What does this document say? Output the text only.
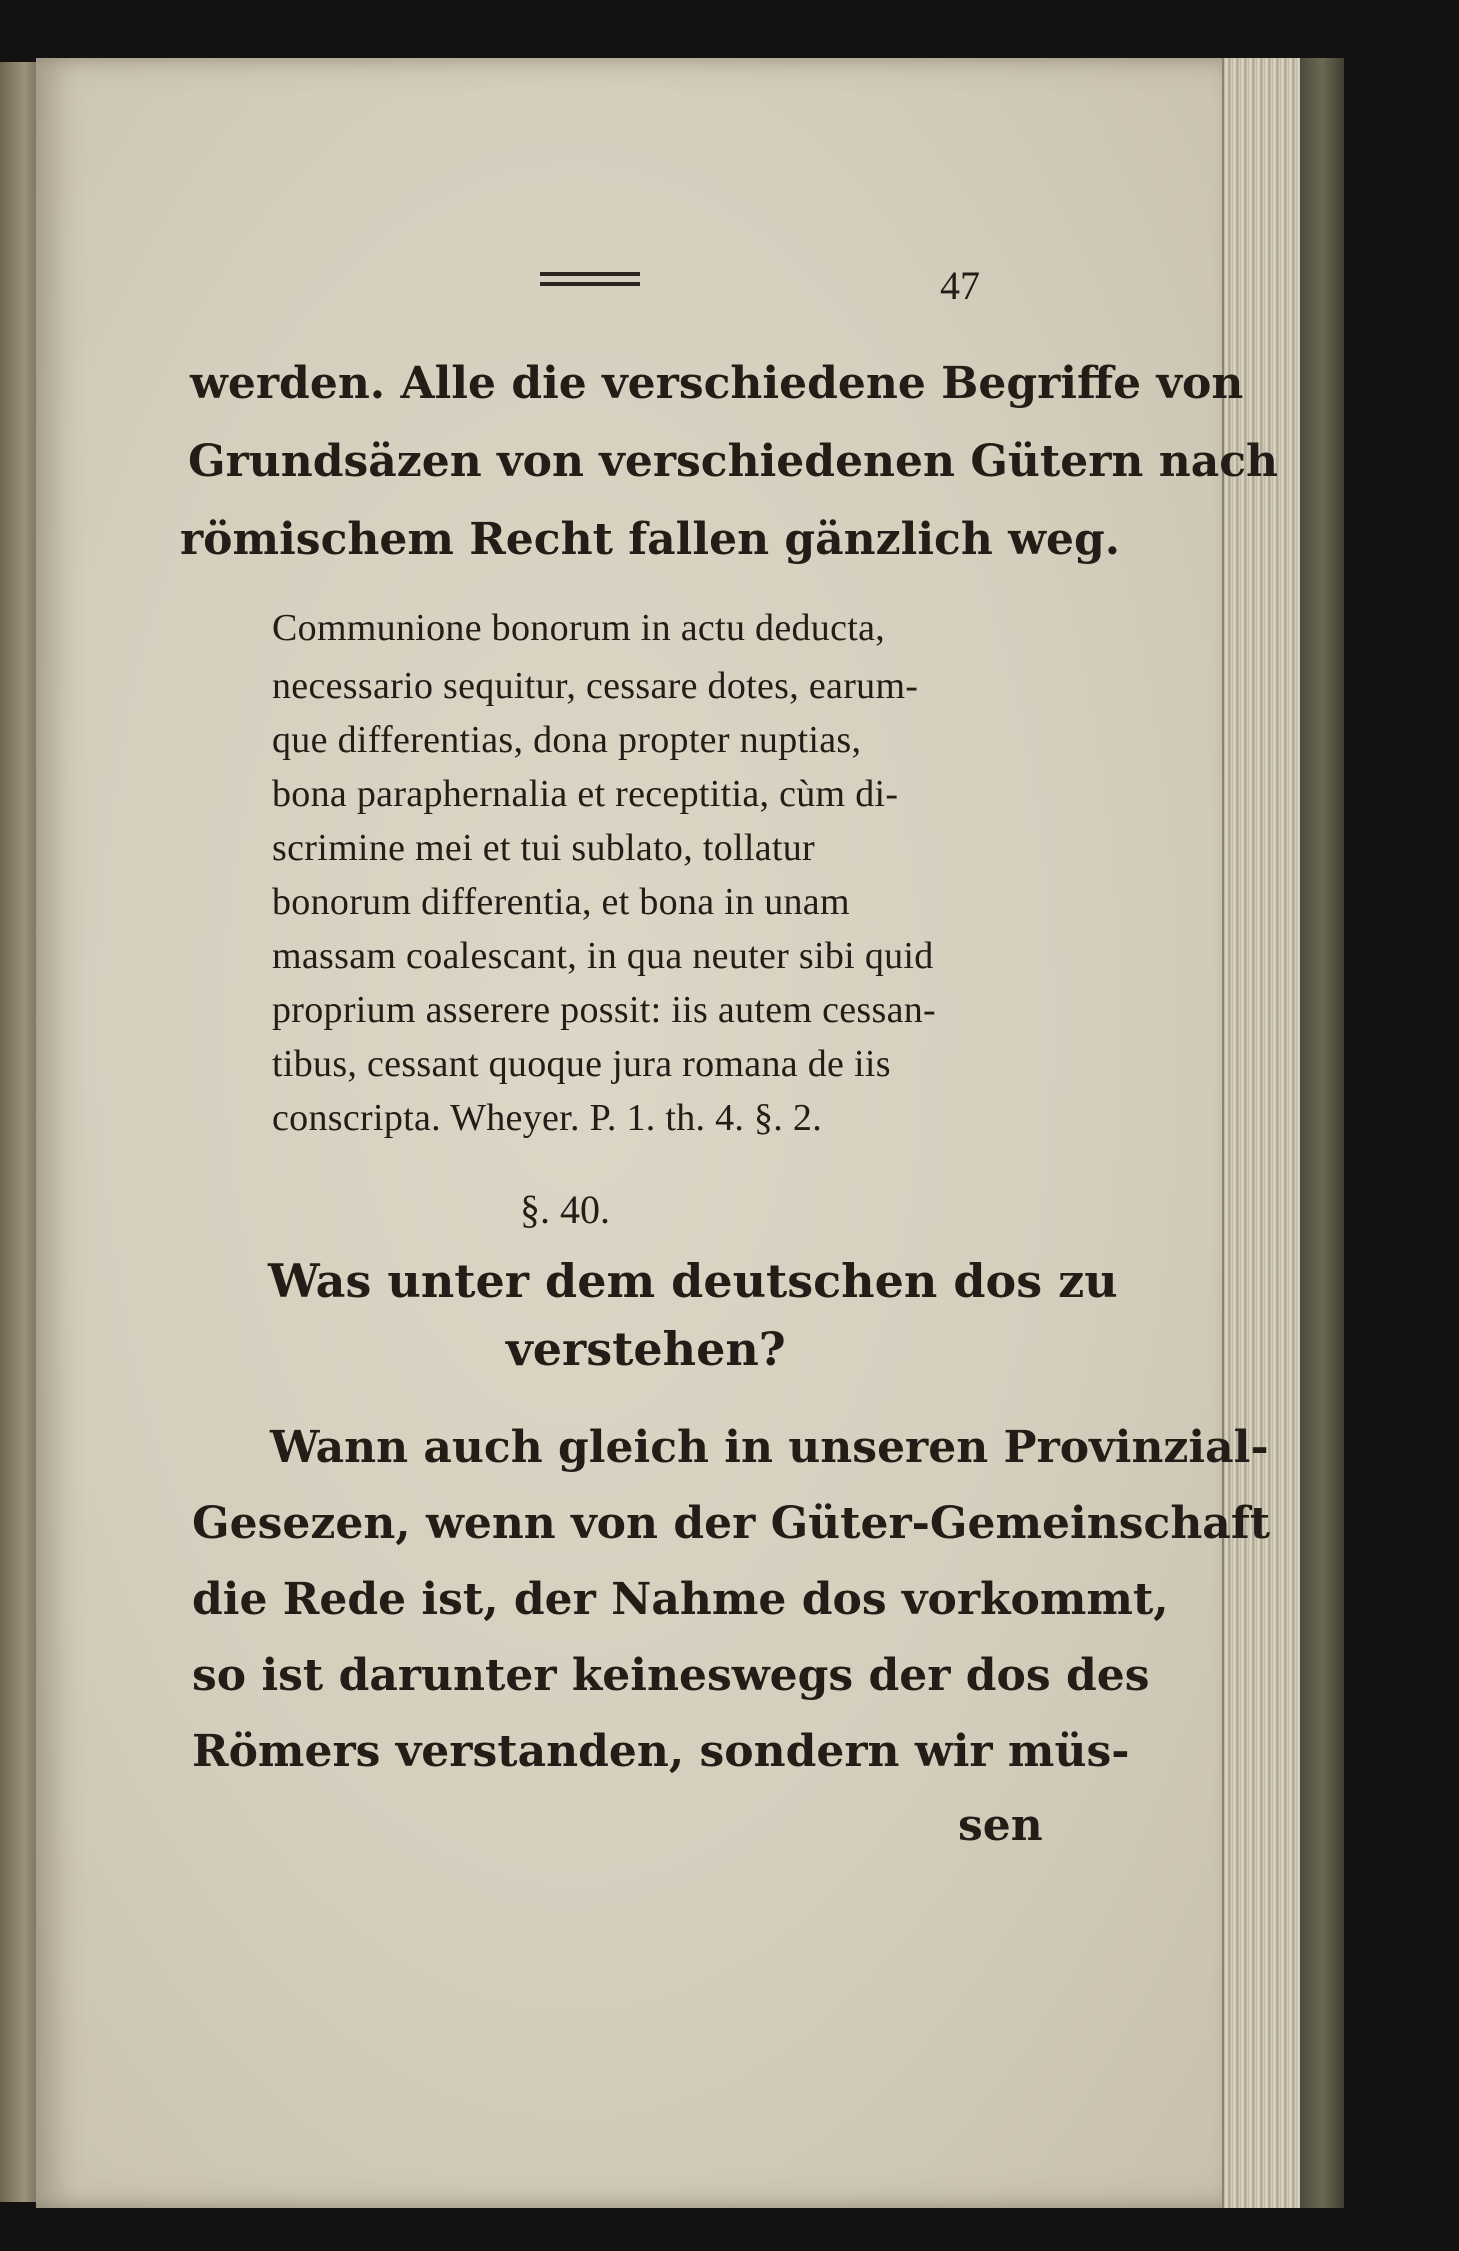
47

werden. Alle die verschiedene Begriffe von

Grundsäzen von verschiedenen Gütern nach

römischem Recht fallen gänzlich weg.

Communione bonorum in actu deducta,

necessario sequitur, cessare dotes, earum-

que differentias, dona propter nuptias,

bona paraphernalia et receptitia, cùm di-

scrimine mei et tui sublato, tollatur

bonorum differentia, et bona in unam

massam coalescant, in qua neuter sibi quid

proprium asserere possit: iis autem cessan-

tibus, cessant quoque jura romana de iis

conscripta. Wheyer. P. 1. th. 4. §. 2.

§. 40.

Was unter dem deutschen dos zu

verstehen?

Wann auch gleich in unseren Provinzial-

Gesezen, wenn von der Güter-Gemeinschaft

die Rede ist, der Nahme dos vorkommt,

so ist darunter keineswegs der dos des

Römers verstanden, sondern wir müs-

sen
